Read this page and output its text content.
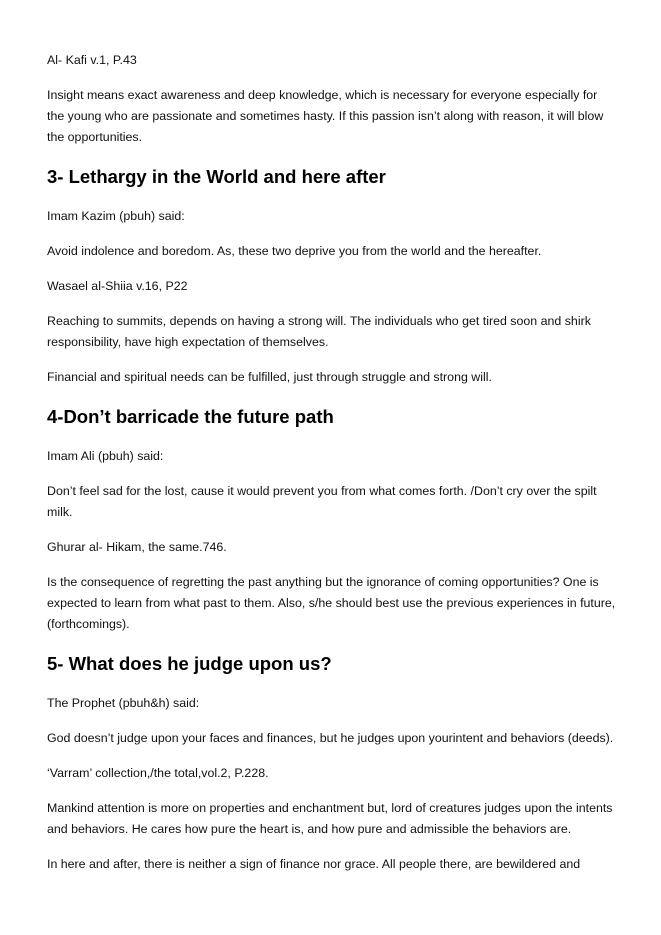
Al- Kafi v.1, P.43

Insight means exact awareness and deep knowledge, which is necessary for everyone especially for the young who are passionate and sometimes hasty. If this passion isn’t along with reason, it will blow the opportunities.

3- Lethargy in the World and here after

Imam Kazim (pbuh) said:

Avoid indolence and boredom. As, these two deprive you from the world and the hereafter.

Wasael al-Shiia v.16, P22

Reaching to summits, depends on having a strong will. The individuals who get tired soon and shirk responsibility, have high expectation of themselves.

Financial and spiritual needs can be fulfilled, just through struggle and strong will.

4-Don’t barricade the future path

Imam Ali (pbuh) said:

Don’t feel sad for the lost, cause it would prevent you from what comes forth. /Don’t cry over the spilt milk.

Ghurar al- Hikam, the same.746.

Is the consequence of regretting the past anything but the ignorance of coming opportunities? One is expected to learn from what past to them. Also, s/he should best use the previous experiences in future, (forthcomings).

5- What does he judge upon us?

The Prophet (pbuh&h) said:

God doesn’t judge upon your faces and finances, but he judges upon yourintent and behaviors (deeds).

‘Varram’ collection,/the total,vol.2, P.228.

Mankind attention is more on properties and enchantment but, lord of creatures judges upon the intents and behaviors. He cares how pure the heart is, and how pure and admissible the behaviors are.

In here and after, there is neither a sign of finance nor grace. All people there, are bewildered and
